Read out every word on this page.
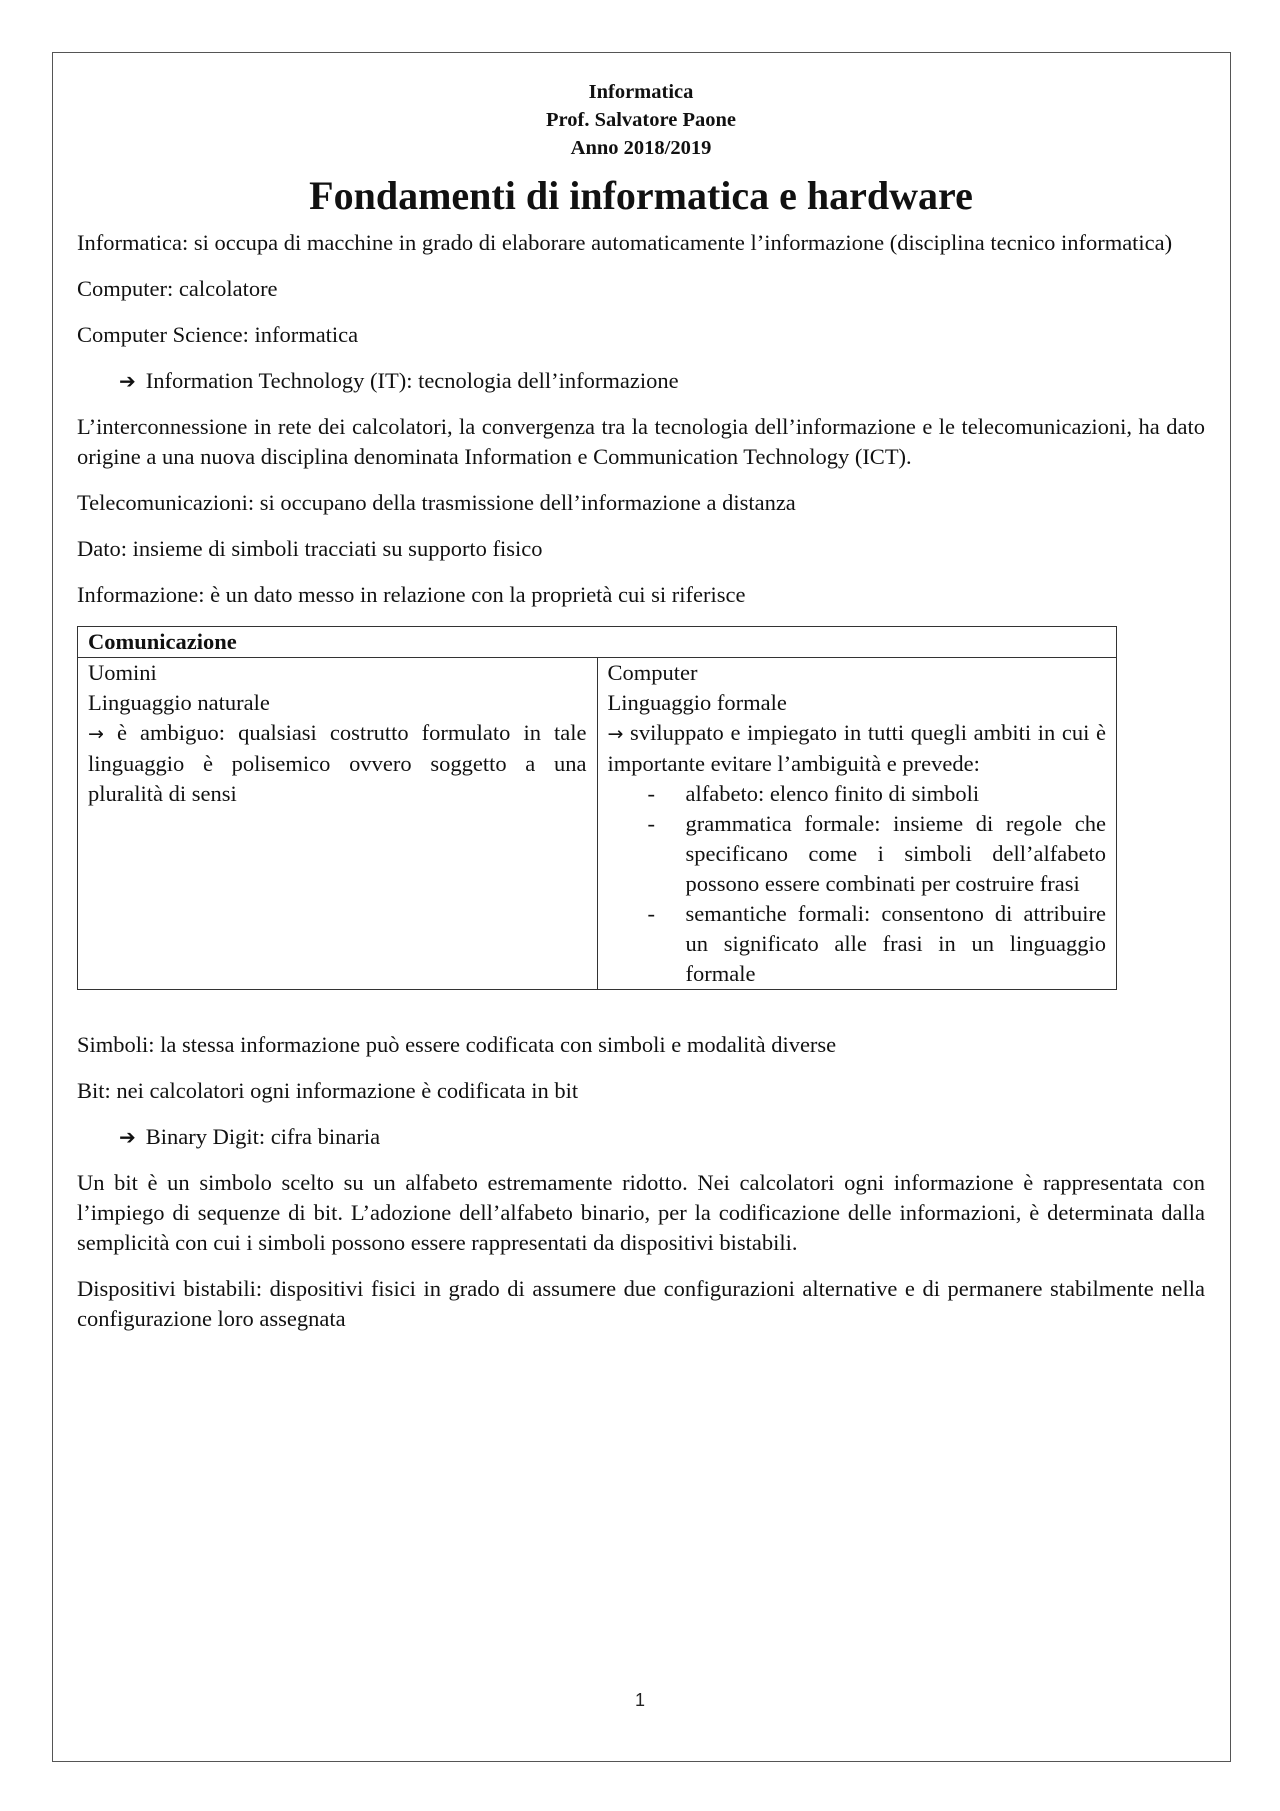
Informatica
Prof. Salvatore Paone
Anno 2018/2019
Fondamenti di informatica e hardware

Informatica: si occupa di macchine in grado di elaborare automaticamente l’informazione (disciplina tecnico informatica)

Computer: calcolatore

Computer Science: informatica

➔ Information Technology (IT): tecnologia dell’informazione

L’interconnessione in rete dei calcolatori, la convergenza tra la tecnologia dell’informazione e le telecomunicazioni, ha dato origine a una nuova disciplina denominata Information e Communication Technology (ICT).

Telecomunicazioni: si occupano della trasmissione dell’informazione a distanza

Dato: insieme di simboli tracciati su supporto fisico

Informazione: è un dato messo in relazione con la proprietà cui si riferisce

Comunicazione

Uomini
Linguaggio naturale
→ è ambiguo: qualsiasi costrutto formulato in tale linguaggio è polisemico ovvero soggetto a una pluralità di sensi

Computer
Linguaggio formale
→ sviluppato e impiegato in tutti quegli ambiti in cui è importante evitare l’ambiguità e prevede:
- alfabeto: elenco finito di simboli
- grammatica formale: insieme di regole che specificano come i simboli dell’alfabeto possono essere combinati per costruire frasi
- semantiche formali: consentono di attribuire un significato alle frasi in un linguaggio formale

Simboli: la stessa informazione può essere codificata con simboli e modalità diverse

Bit: nei calcolatori ogni informazione è codificata in bit

➔ Binary Digit: cifra binaria

Un bit è un simbolo scelto su un alfabeto estremamente ridotto. Nei calcolatori ogni informazione è rappresentata con l’impiego di sequenze di bit. L’adozione dell’alfabeto binario, per la codificazione delle informazioni, è determinata dalla semplicità con cui i simboli possono essere rappresentati da dispositivi bistabili.

Dispositivi bistabili: dispositivi fisici in grado di assumere due configurazioni alternative e di permanere stabilmente nella configurazione loro assegnata

1
